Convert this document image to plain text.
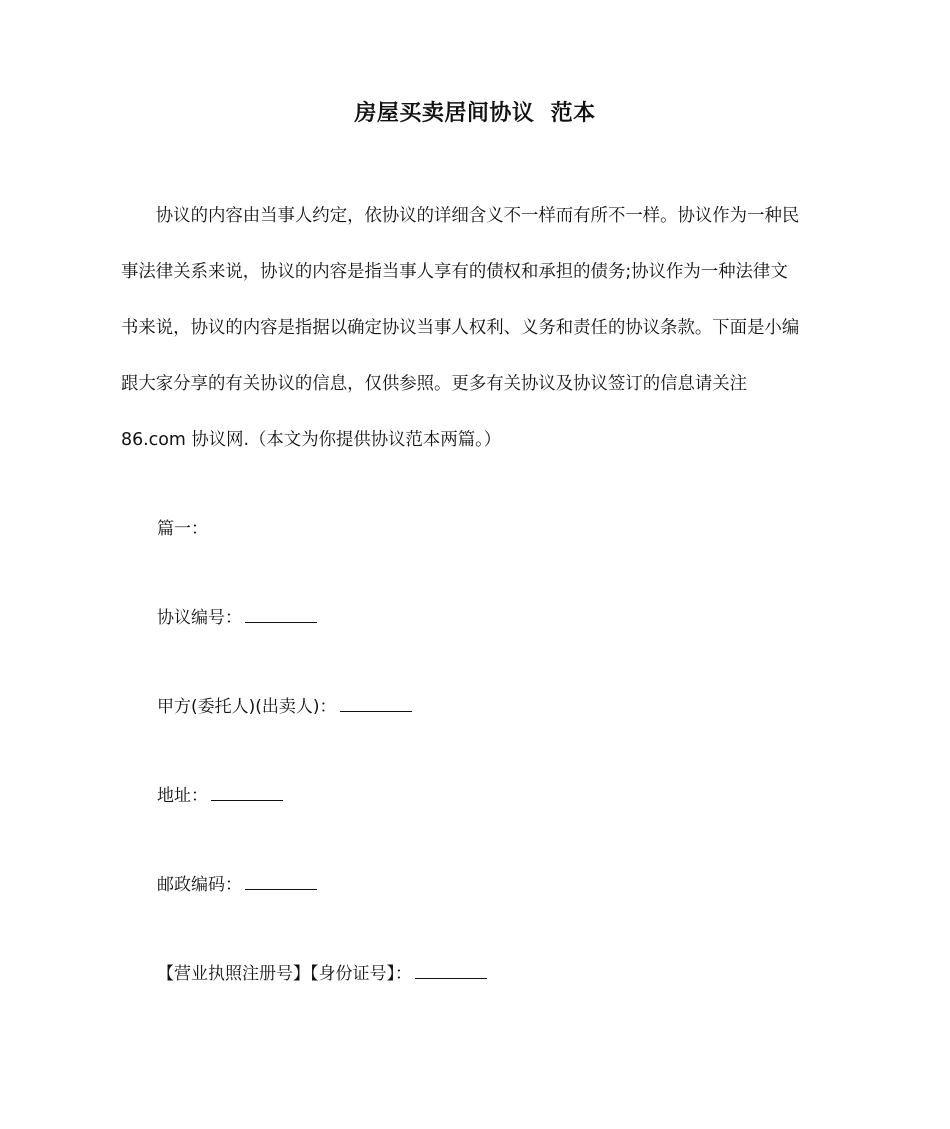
房屋买卖居间协议  范本
　　协议的内容由当事人约定，依协议的详细含义不一样而有所不一样。协议作为一种民
事法律关系来说，协议的内容是指当事人享有的债权和承担的债务;协议作为一种法律文
书来说，协议的内容是指据以确定协议当事人权利、义务和责任的协议条款。下面是小编
跟大家分享的有关协议的信息，仅供参照。更多有关协议及协议签订的信息请关注
86.com 协议网.（本文为你提供协议范本两篇。）
篇一：
协议编号：
甲方(委托人)(出卖人)：
地址：
邮政编码：
【营业执照注册号】【身份证号】：
